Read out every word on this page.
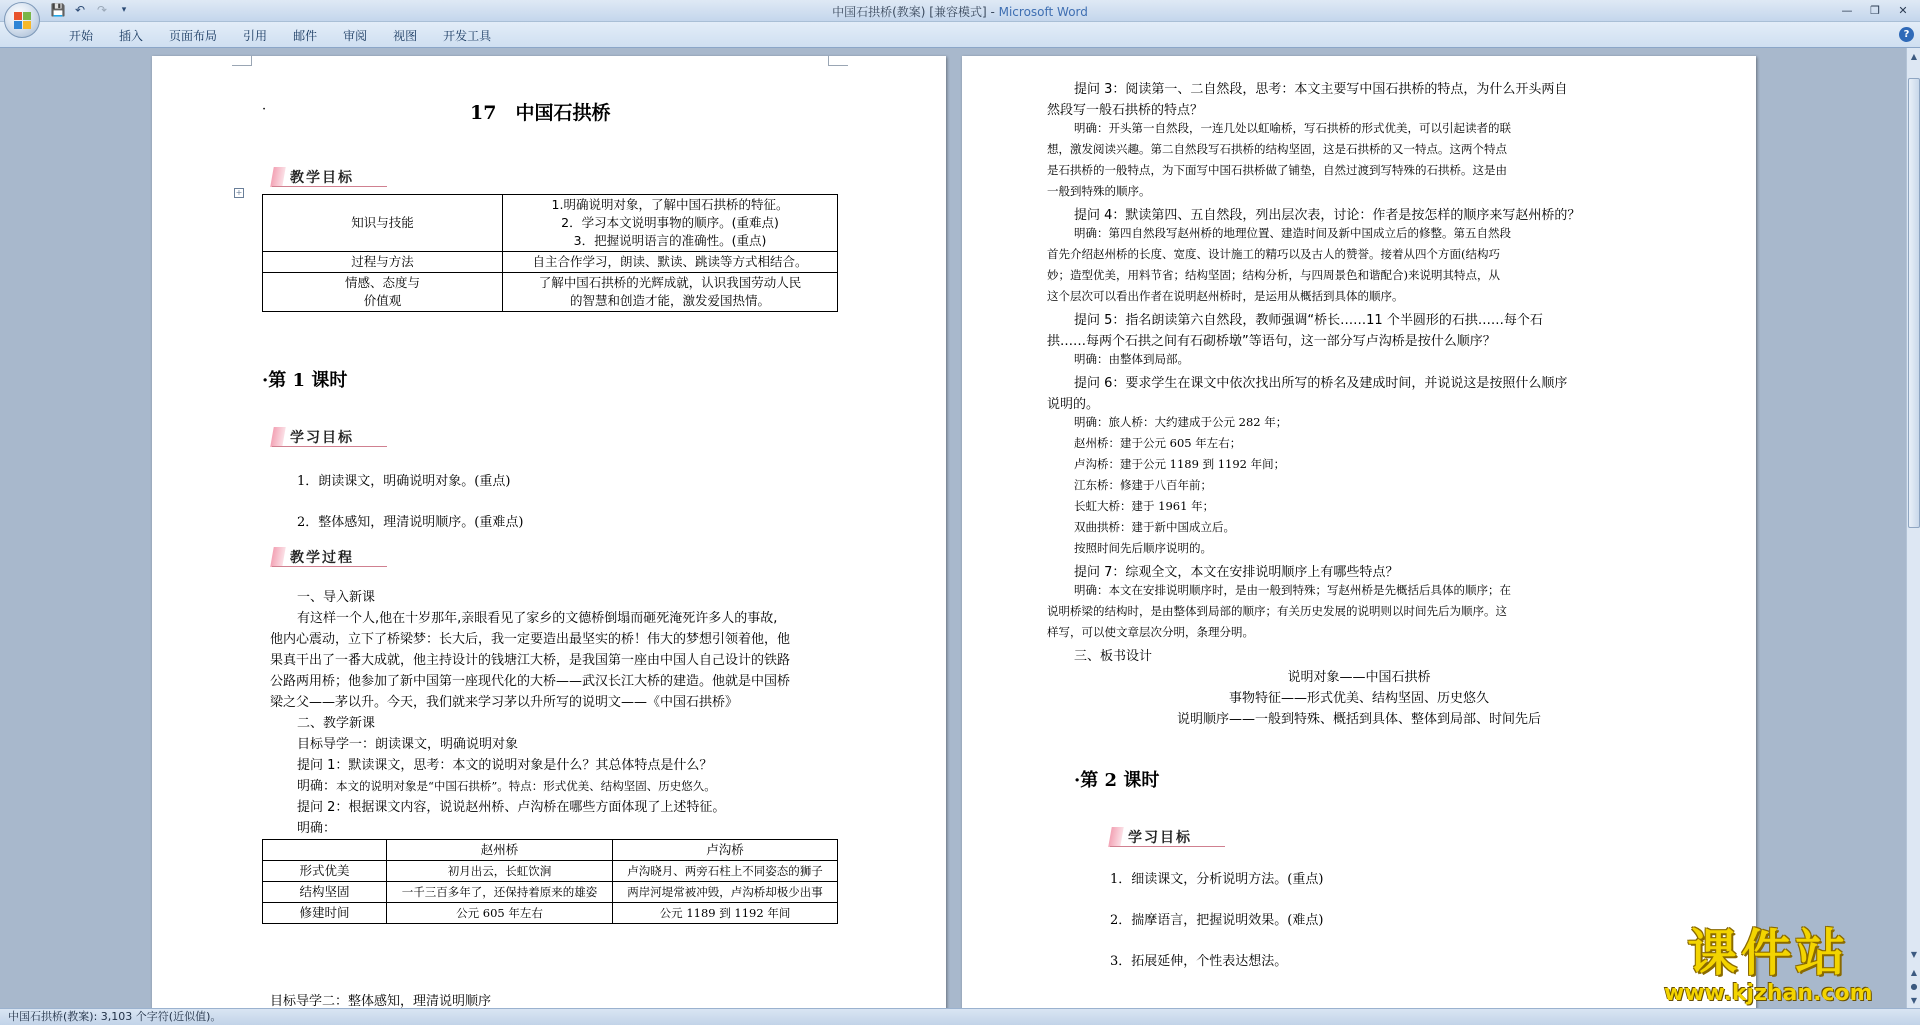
💾 ↶ ↷	▾	中国石拱桥(教案) [兼容模式] - Microsoft Word	—	❐	✕
开始	插入	页面布局	引用	邮件	审阅	视图	开发工具	?
·	17　中国石拱桥
教学目标
+
知识与技能	1.明确说明对象，了解中国石拱桥的特征。
2．学习本文说明事物的顺序。(重难点)
3．把握说明语言的准确性。(重点)

过程与方法	自主合作学习，朗读、默读、跳读等方式相结合。
情感、态度与价值观	了解中国石拱桥的光辉成就，认识我国劳动人民
的智慧和创造才能，激发爱国热情。
·第 1 课时
学习目标
1．朗读课文，明确说明对象。(重点)
2．整体感知，理清说明顺序。(重难点)
教学过程
一、导入新课
有这样一个人,他在十岁那年,亲眼看见了家乡的文德桥倒塌而砸死淹死许多人的事故,
他内心震动，立下了桥梁梦：长大后，我一定要造出最坚实的桥！伟大的梦想引领着他，他
果真干出了一番大成就，他主持设计的钱塘江大桥，是我国第一座由中国人自己设计的铁路
公路两用桥；他参加了新中国第一座现代化的大桥——武汉长江大桥的建造。他就是中国桥
梁之父——茅以升。今天，我们就来学习茅以升所写的说明文——《中国石拱桥》
二、教学新课
目标导学一：朗读课文，明确说明对象
提问 1：默读课文，思考：本文的说明对象是什么？其总体特点是什么？
明确：本文的说明对象是“中国石拱桥”。特点：形式优美、结构坚固、历史悠久。
提问 2：根据课文内容，说说赵州桥、卢沟桥在哪些方面体现了上述特征。
明确：
	赵州桥	卢沟桥
形式优美	初月出云，长虹饮涧	卢沟晓月、两旁石柱上不同姿态的狮子
结构坚固	一千三百多年了，还保持着原来的雄姿	两岸河堤常被冲毁，卢沟桥却极少出事
修建时间	公元 605 年左右	公元 1189 到 1192 年间
目标导学二：整体感知，理清说明顺序
提问 3：阅读第一、二自然段，思考：本文主要写中国石拱桥的特点，为什么开头两自
然段写一般石拱桥的特点？
明确：开头第一自然段，一连几处以虹喻桥，写石拱桥的形式优美，可以引起读者的联
想，激发阅读兴趣。第二自然段写石拱桥的结构坚固，这是石拱桥的又一特点。这两个特点
是石拱桥的一般特点，为下面写中国石拱桥做了铺垫，自然过渡到写特殊的石拱桥。这是由
一般到特殊的顺序。
提问 4：默读第四、五自然段，列出层次表，讨论：作者是按怎样的顺序来写赵州桥的？
明确：第四自然段写赵州桥的地理位置、建造时间及新中国成立后的修整。第五自然段
首先介绍赵州桥的长度、宽度、设计施工的精巧以及古人的赞誉。接着从四个方面(结构巧
妙；造型优美，用料节省；结构坚固；结构分析，与四周景色和谐配合)来说明其特点，从
这个层次可以看出作者在说明赵州桥时，是运用从概括到具体的顺序。
提问 5：指名朗读第六自然段，教师强调“桥长……11 个半圆形的石拱……每个石
拱……每两个石拱之间有石砌桥墩”等语句，这一部分写卢沟桥是按什么顺序？
明确：由整体到局部。
提问 6：要求学生在课文中依次找出所写的桥名及建成时间，并说说这是按照什么顺序
说明的。
明确：旅人桥：大约建成于公元 282 年；
赵州桥：建于公元 605 年左右；
卢沟桥：建于公元 1189 到 1192 年间；
江东桥：修建于八百年前；
长虹大桥：建于 1961 年；
双曲拱桥：建于新中国成立后。
按照时间先后顺序说明的。
提问 7：综观全文，本文在安排说明顺序上有哪些特点？
明确：本文在安排说明顺序时，是由一般到特殊；写赵州桥是先概括后具体的顺序；在
说明桥梁的结构时，是由整体到局部的顺序；有关历史发展的说明则以时间先后为顺序。这
样写，可以使文章层次分明，条理分明。
三、板书设计
说明对象——中国石拱桥
事物特征——形式优美、结构坚固、历史悠久
说明顺序——一般到特殊、概括到具体、整体到局部、时间先后
·第 2 课时
学习目标
1．细读课文，分析说明方法。(重点)
2．揣摩语言，把握说明效果。(难点)
3．拓展延伸，个性表达想法。
▲
▼
▲
●
▼
中国石拱桥(教案): 3,103 个字符(近似值)。
课件站
www.kjzhan.com
